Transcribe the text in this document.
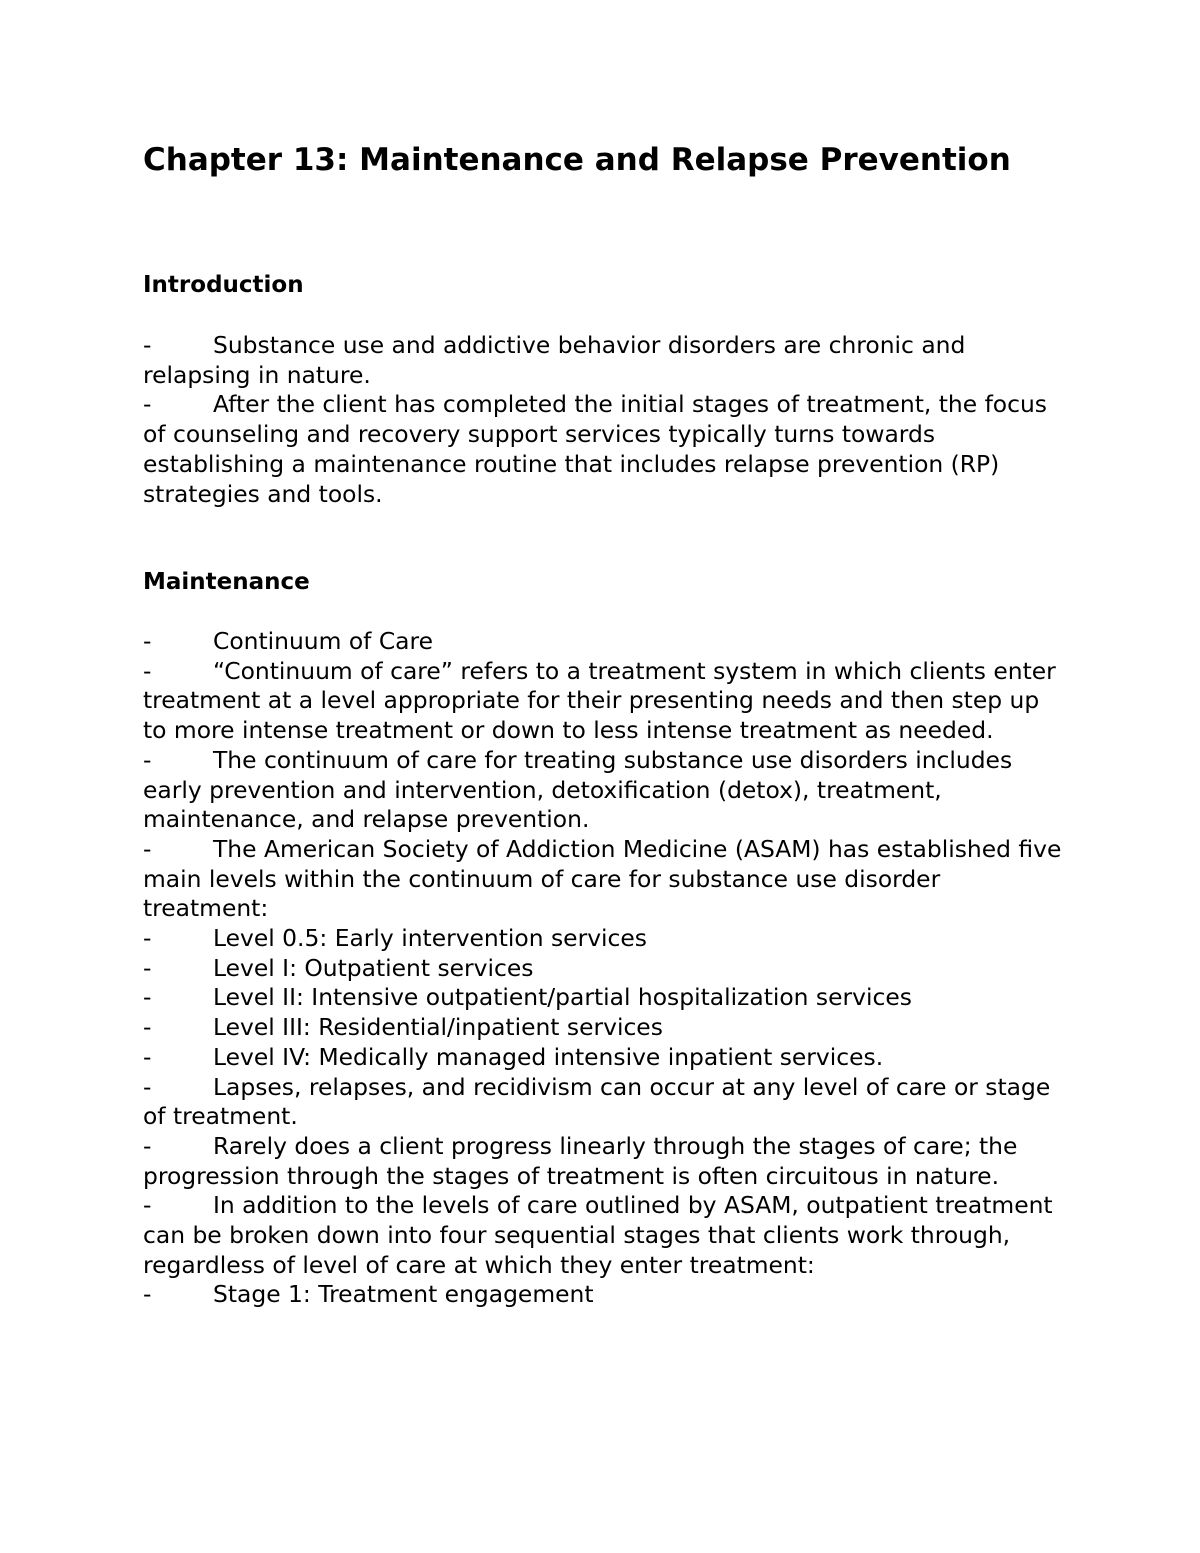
Chapter 13: Maintenance and Relapse Prevention
Introduction
-	Substance use and addictive behavior disorders are chronic and relapsing in nature.
-	After the client has completed the initial stages of treatment, the focus of counseling and recovery support services typically turns towards establishing a maintenance routine that includes relapse prevention (RP) strategies and tools.
Maintenance
-	Continuum of Care
-	“Continuum of care” refers to a treatment system in which clients enter treatment at a level appropriate for their presenting needs and then step up to more intense treatment or down to less intense treatment as needed.
-	The continuum of care for treating substance use disorders includes early prevention and intervention, detoxification (detox), treatment, maintenance, and relapse prevention.
-	The American Society of Addiction Medicine (ASAM) has established five main levels within the continuum of care for substance use disorder treatment:
-	Level 0.5: Early intervention services
-	Level I: Outpatient services
-	Level II: Intensive outpatient/partial hospitalization services
-	Level III: Residential/inpatient services
-	Level IV: Medically managed intensive inpatient services.
-	Lapses, relapses, and recidivism can occur at any level of care or stage of treatment.
-	Rarely does a client progress linearly through the stages of care; the progression through the stages of treatment is often circuitous in nature.
-	In addition to the levels of care outlined by ASAM, outpatient treatment can be broken down into four sequential stages that clients work through, regardless of level of care at which they enter treatment:
-	Stage 1: Treatment engagement
